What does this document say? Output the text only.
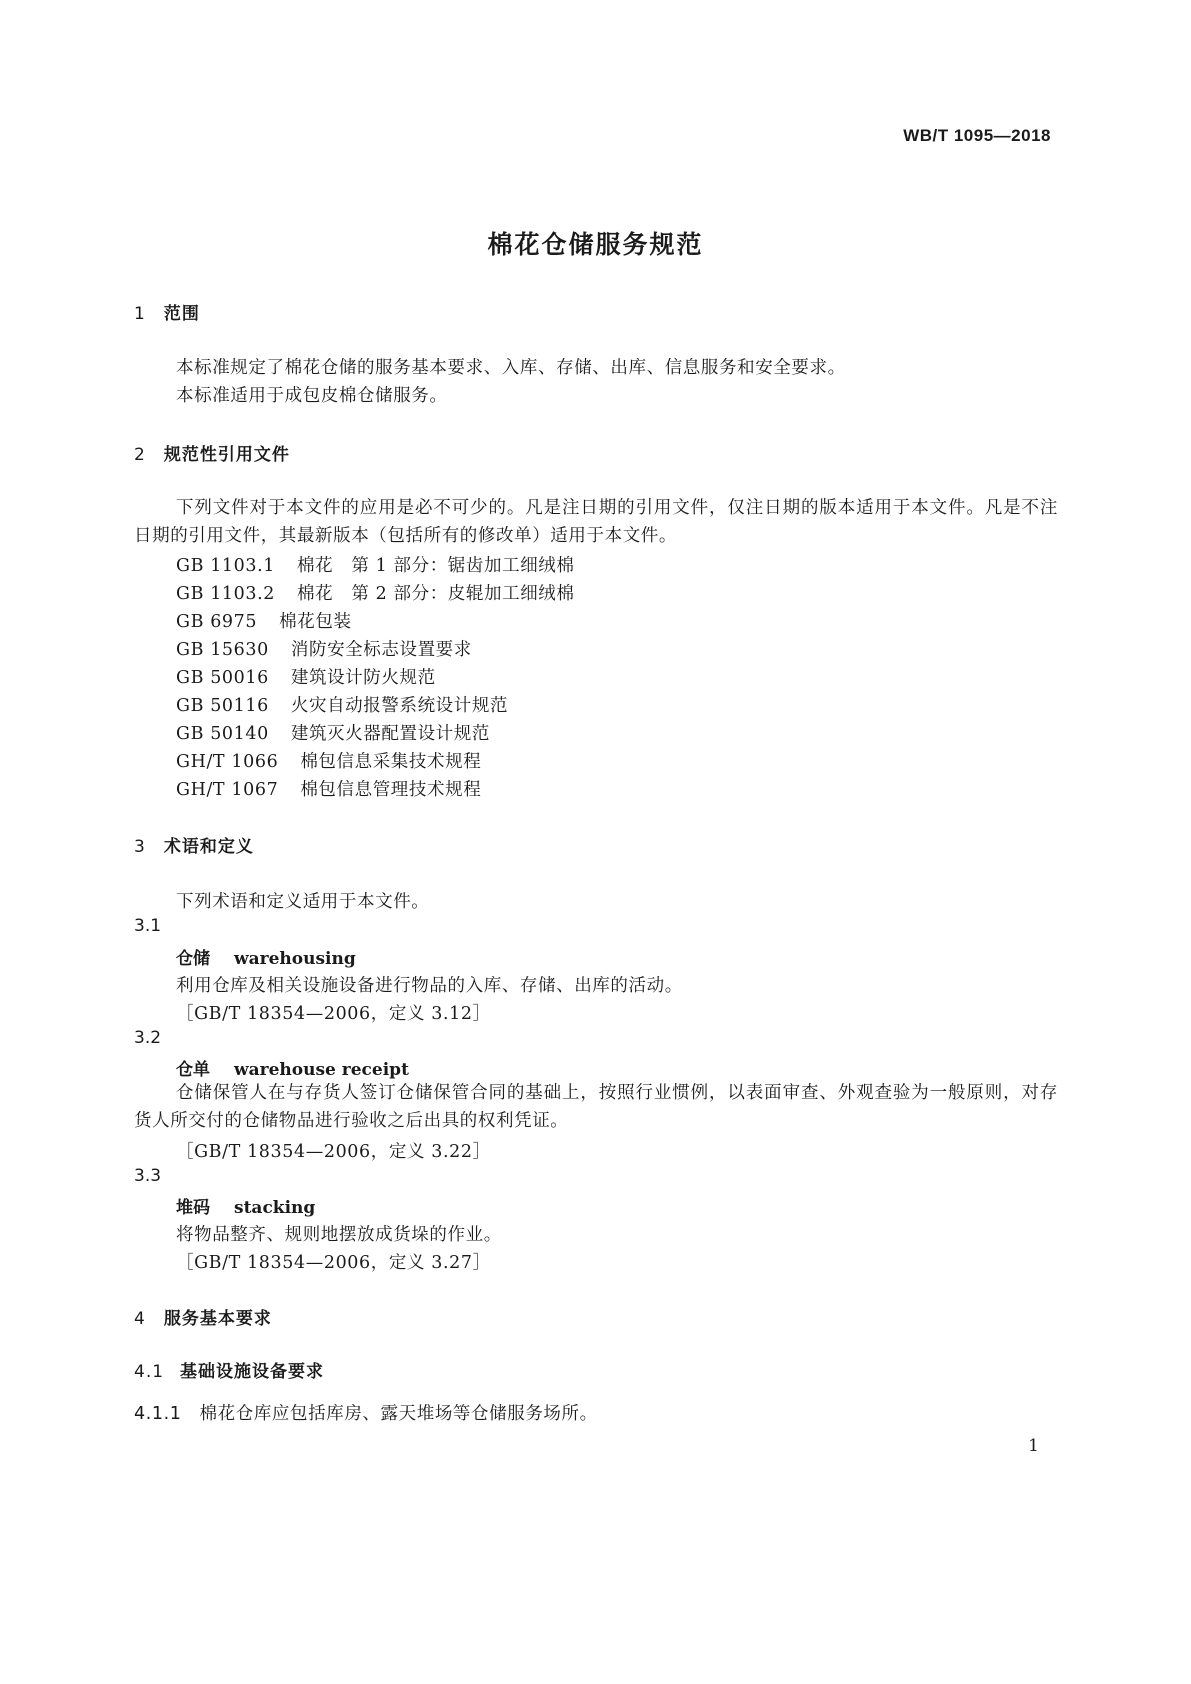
WB/T 1095—2018
棉花仓储服务规范
1 范围
本标准规定了棉花仓储的服务基本要求、入库、存储、出库、信息服务和安全要求。
本标准适用于成包皮棉仓储服务。
2 规范性引用文件
下列文件对于本文件的应用是必不可少的。凡是注日期的引用文件，仅注日期的版本适用于本文件。凡是不注日期的引用文件，其最新版本（包括所有的修改单）适用于本文件。
GB 1103.1 棉花　第 1 部分：锯齿加工细绒棉
GB 1103.2 棉花　第 2 部分：皮辊加工细绒棉
GB 6975 棉花包装
GB 15630 消防安全标志设置要求
GB 50016 建筑设计防火规范
GB 50116 火灾自动报警系统设计规范
GB 50140 建筑灭火器配置设计规范
GH/T 1066 棉包信息采集技术规程
GH/T 1067 棉包信息管理技术规程
3 术语和定义
下列术语和定义适用于本文件。
3.1
仓储 warehousing
利用仓库及相关设施设备进行物品的入库、存储、出库的活动。
［GB/T 18354—2006，定义 3.12］
3.2
仓单 warehouse receipt
仓储保管人在与存货人签订仓储保管合同的基础上，按照行业惯例，以表面审查、外观查验为一般原则，对存货人所交付的仓储物品进行验收之后出具的权利凭证。
［GB/T 18354—2006，定义 3.22］
3.3
堆码 stacking
将物品整齐、规则地摆放成货垛的作业。
［GB/T 18354—2006，定义 3.27］
4 服务基本要求
4.1 基础设施设备要求
4.1.1 棉花仓库应包括库房、露天堆场等仓储服务场所。
1
